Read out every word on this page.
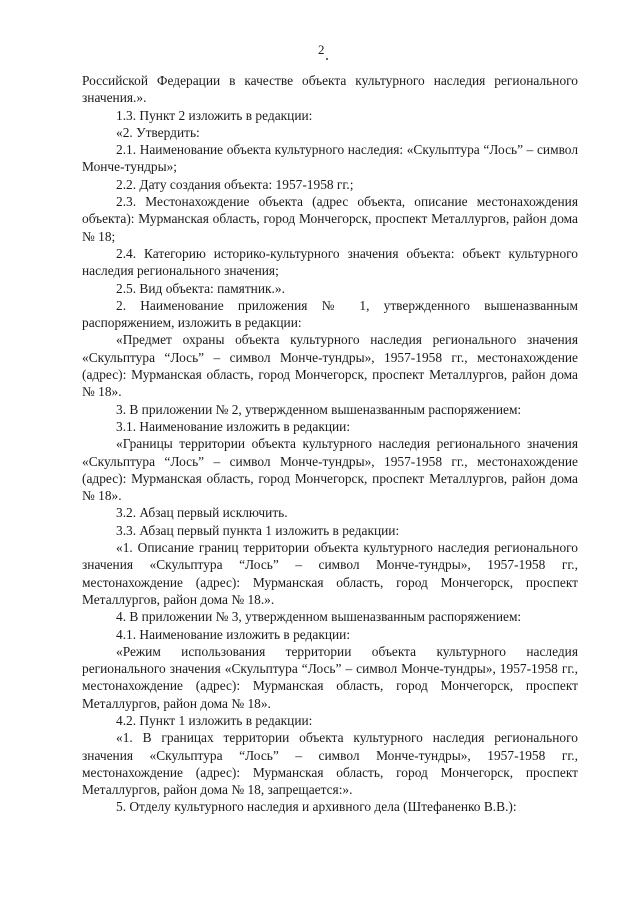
2

Российской Федерации в качестве объекта культурного наследия регионального значения.».

1.3. Пункт 2 изложить в редакции:

«2. Утвердить:

2.1. Наименование объекта культурного наследия: «Скульптура “Лось” – символ Монче-тундры»;

2.2. Дату создания объекта: 1957-1958 гг.;

2.3. Местонахождение объекта (адрес объекта, описание местонахождения объекта): Мурманская область, город Мончегорск, проспект Металлургов, район дома № 18;

2.4. Категорию историко-культурного значения объекта: объект культурного наследия регионального значения;

2.5. Вид объекта: памятник.».

2. Наименование приложения № 1, утвержденного вышеназванным распоряжением, изложить в редакции:

«Предмет охраны объекта культурного наследия регионального значения «Скульптура “Лось” – символ Монче-тундры», 1957-1958 гг., местонахождение (адрес): Мурманская область, город Мончегорск, проспект Металлургов, район дома № 18».

3. В приложении № 2, утвержденном вышеназванным распоряжением:

3.1. Наименование изложить в редакции:

«Границы территории объекта культурного наследия регионального значения «Скульптура “Лось” – символ Монче-тундры», 1957-1958 гг., местонахождение (адрес): Мурманская область, город Мончегорск, проспект Металлургов, район дома № 18».

3.2. Абзац первый исключить.

3.3. Абзац первый пункта 1 изложить в редакции:

«1. Описание границ территории объекта культурного наследия регионального значения «Скульптура “Лось” – символ Монче-тундры», 1957-1958 гг., местонахождение (адрес): Мурманская область, город Мончегорск, проспект Металлургов, район дома № 18.».

4. В приложении № 3, утвержденном вышеназванным распоряжением:

4.1. Наименование изложить в редакции:

«Режим использования территории объекта культурного наследия регионального значения «Скульптура “Лось” – символ Монче-тундры», 1957-1958 гг., местонахождение (адрес): Мурманская область, город Мончегорск, проспект Металлургов, район дома № 18».

4.2. Пункт 1 изложить в редакции:

«1. В границах территории объекта культурного наследия регионального значения «Скульптура “Лось” – символ Монче-тундры», 1957-1958 гг., местонахождение (адрес): Мурманская область, город Мончегорск, проспект Металлургов, район дома № 18, запрещается:».

5. Отделу культурного наследия и архивного дела (Штефаненко В.В.):
